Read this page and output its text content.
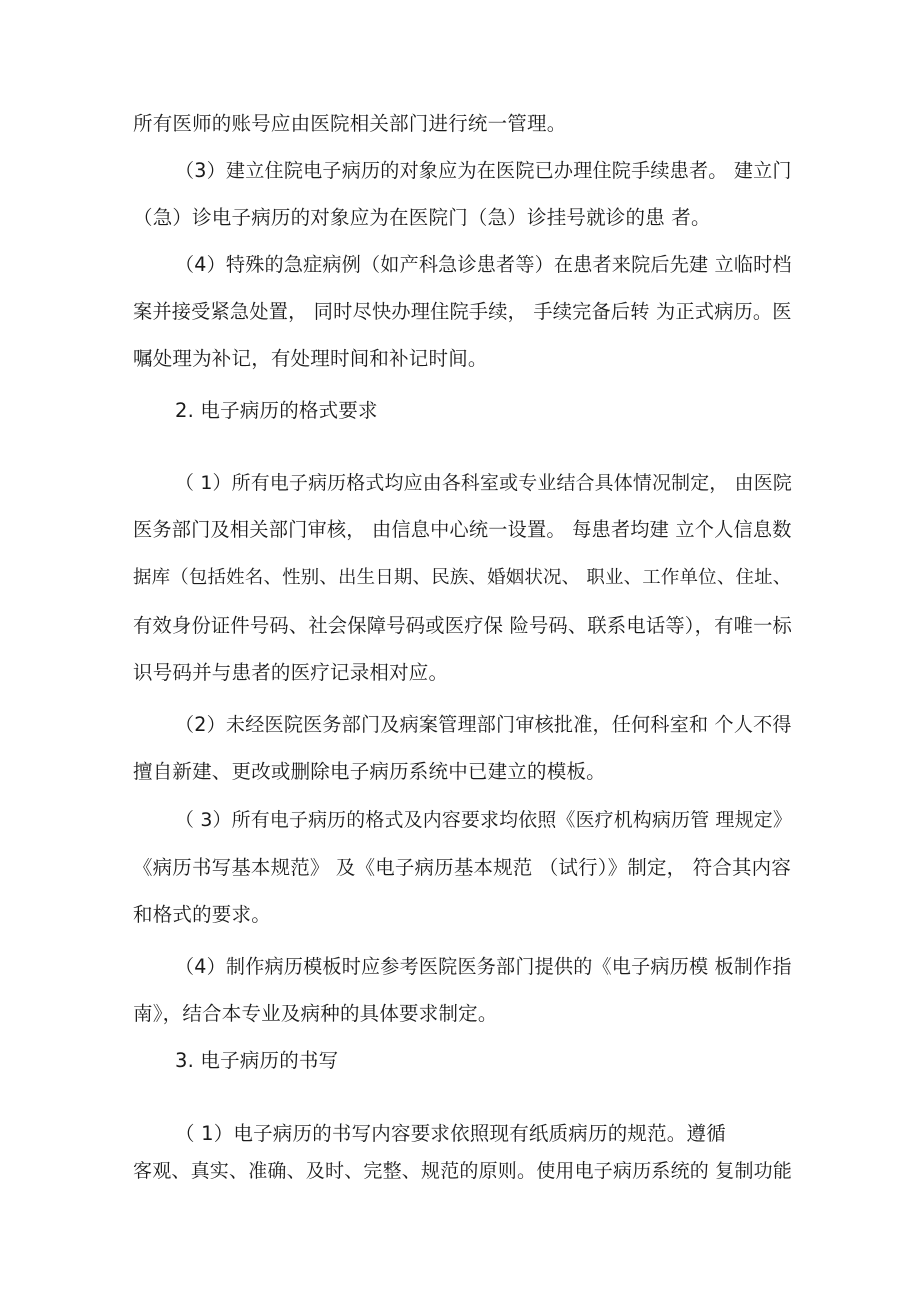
所有医师的账号应由医院相关部门进行统一管理。
（3）建立住院电子病历的对象应为在医院已办理住院手续患者。 建立门
（急）诊电子病历的对象应为在医院门（急）诊挂号就诊的患 者。
（4）特殊的急症病例（如产科急诊患者等）在患者来院后先建 立临时档
案并接受紧急处置， 同时尽快办理住院手续， 手续完备后转 为正式病历。医
嘱处理为补记，有处理时间和补记时间。
2. 电子病历的格式要求
（ 1）所有电子病历格式均应由各科室或专业结合具体情况制定， 由医院
医务部门及相关部门审核， 由信息中心统一设置。 每患者均建 立个人信息数
据库（包括姓名、性别、出生日期、民族、婚姻状况、 职业、工作单位、住址、
有效身份证件号码、社会保障号码或医疗保 险号码、联系电话等），有唯一标
识号码并与患者的医疗记录相对应。
（2）未经医院医务部门及病案管理部门审核批准，任何科室和 个人不得
擅自新建、更改或删除电子病历系统中已建立的模板。
（ 3）所有电子病历的格式及内容要求均依照《医疗机构病历管 理规定》
《病历书写基本规范》 及《电子病历基本规范 （试行）》制定， 符合其内容
和格式的要求。
（4）制作病历模板时应参考医院医务部门提供的《电子病历模 板制作指
南》，结合本专业及病种的具体要求制定。
3. 电子病历的书写
（ 1）电子病历的书写内容要求依照现有纸质病历的规范。遵循
客观、真实、准确、及时、完整、规范的原则。使用电子病历系统的 复制功能
